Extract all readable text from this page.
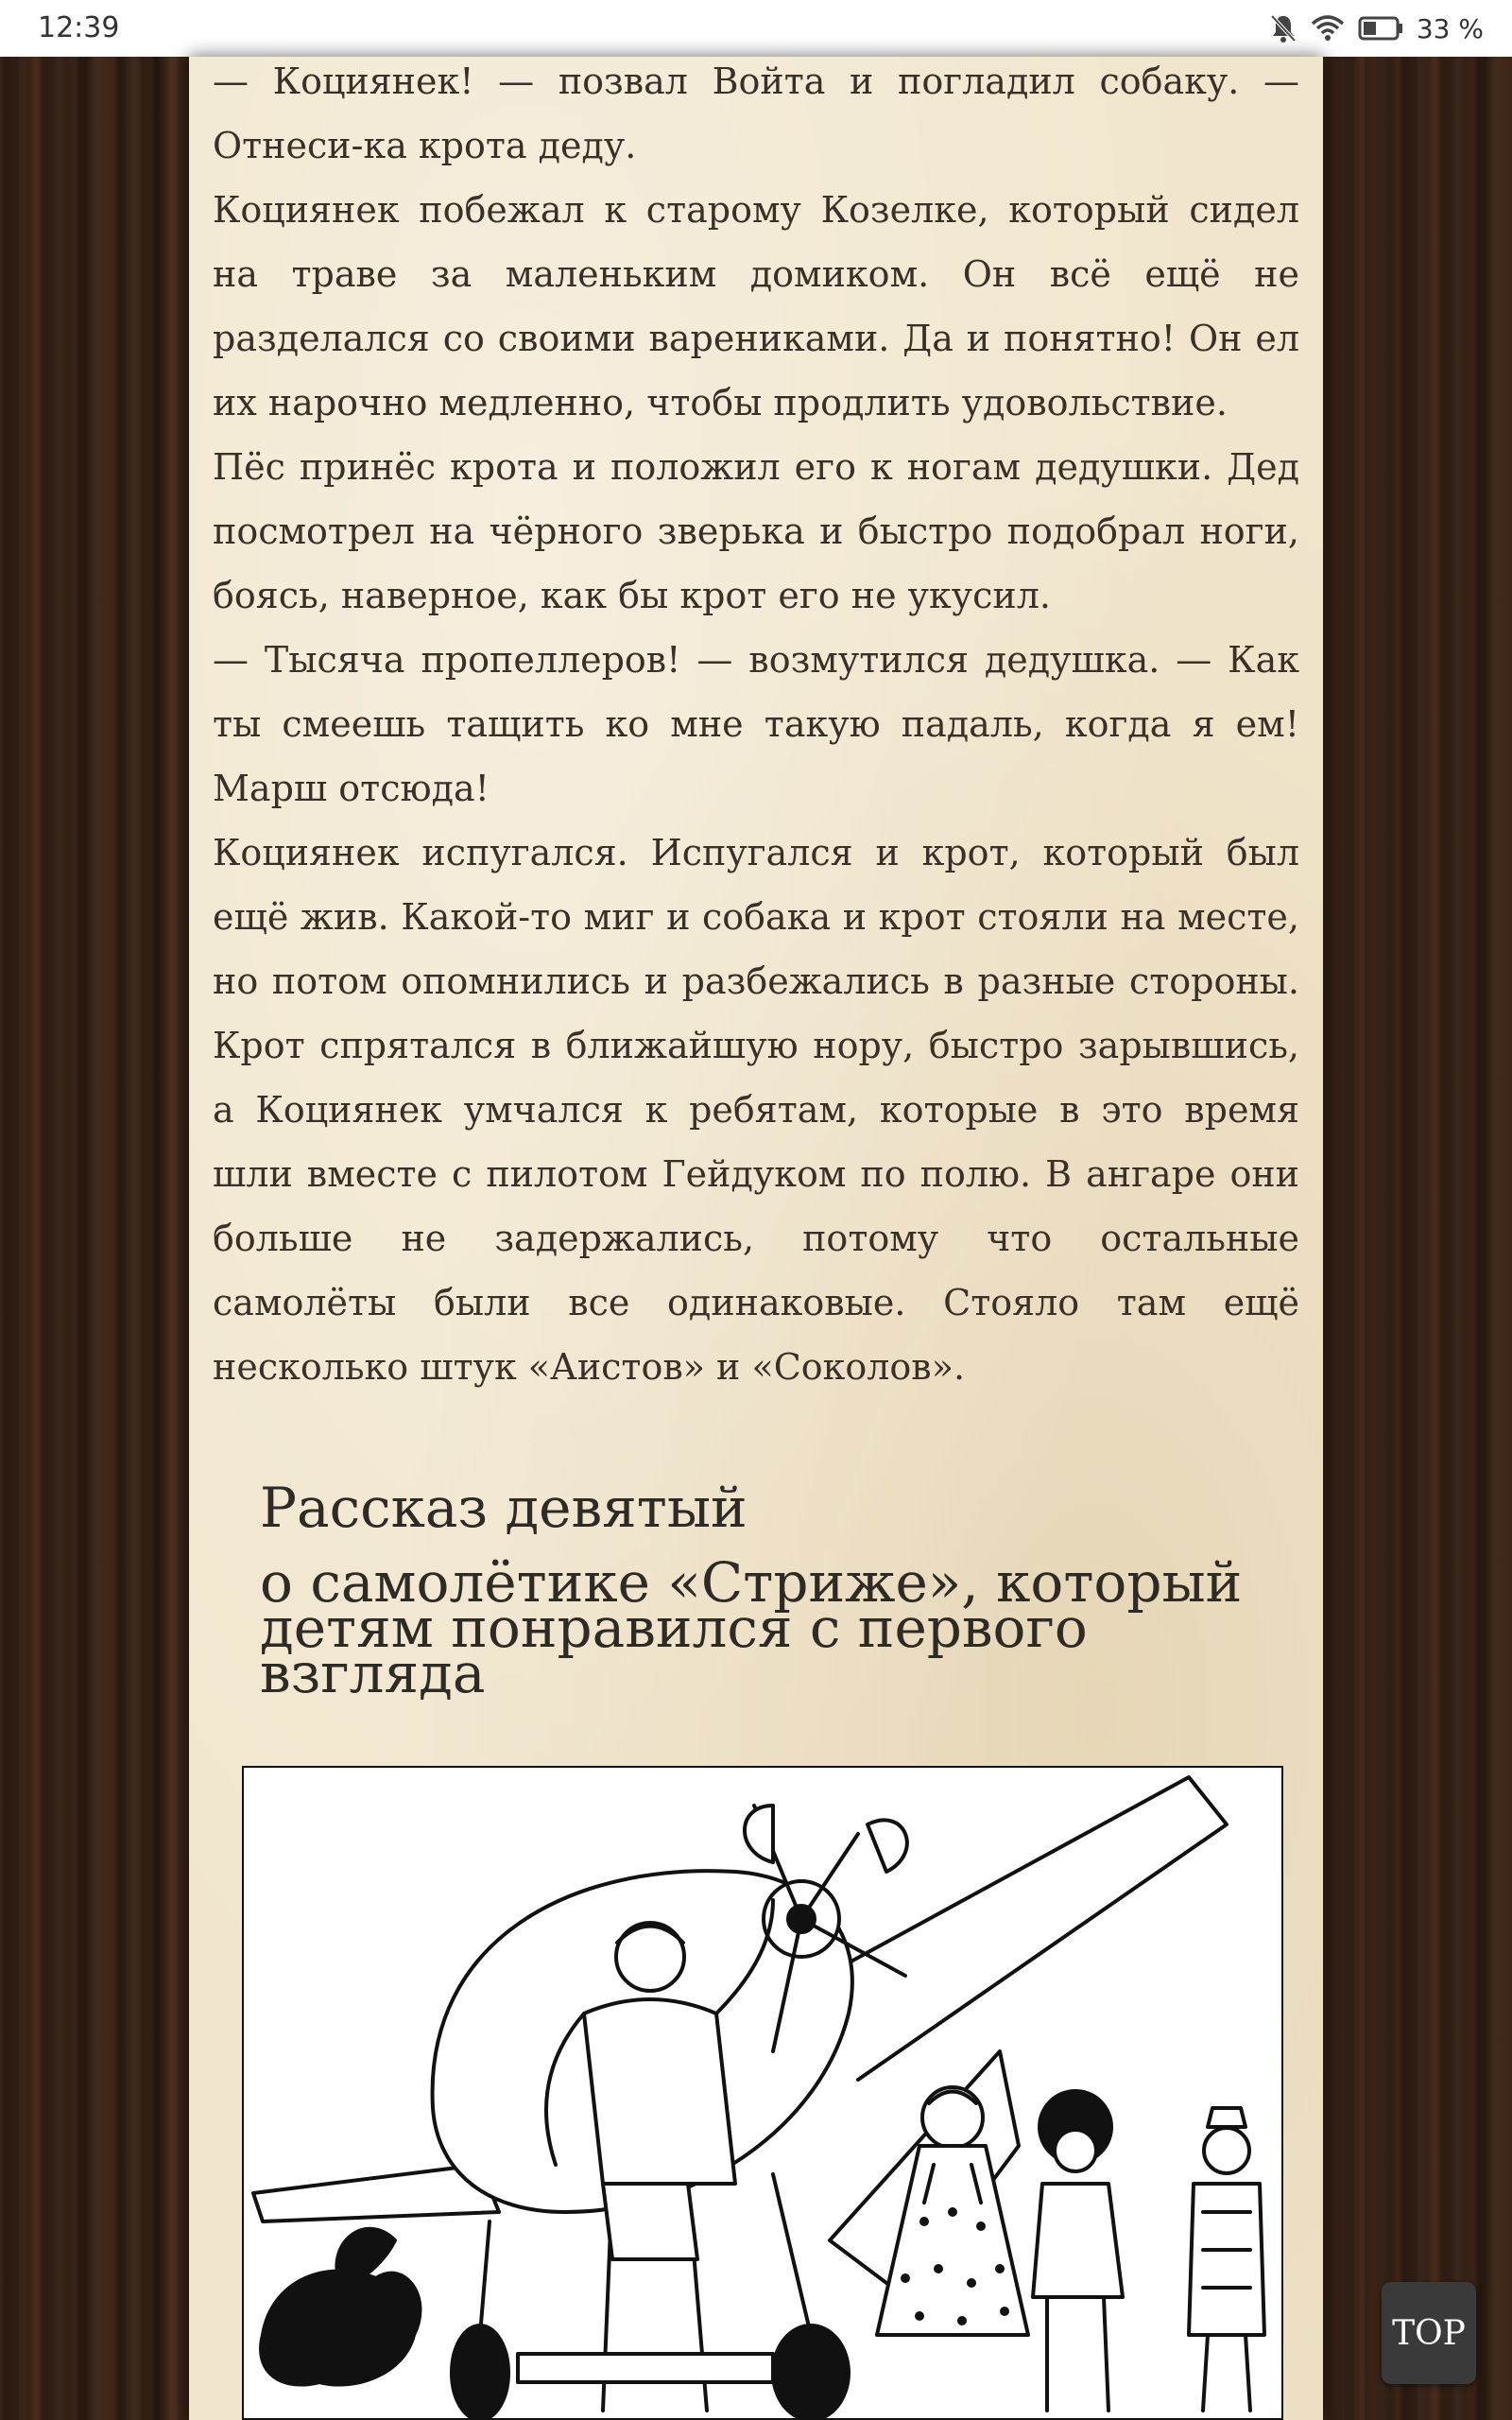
12:39	33 %

— Коциянек! — позвал Войта и погладил собаку. — Отнеси-ка крота деду.

Коциянек побежал к старому Козелке, который сидел на траве за маленьким домиком. Он всё ещё не разделался со своими варениками. Да и понятно! Он ел их нарочно медленно, чтобы продлить удовольствие.

Пёс принёс крота и положил его к ногам дедушки. Дед посмотрел на чёрного зверька и быстро подобрал ноги, боясь, наверное, как бы крот его не укусил.

— Тысяча пропеллеров! — возмутился дедушка. — Как ты смеешь тащить ко мне такую падаль, когда я ем! Марш отсюда!

Коциянек испугался. Испугался и крот, который был ещё жив. Какой-то миг и собака и крот стояли на месте, но потом опомнились и разбежались в разные стороны. Крот спрятался в ближайшую нору, быстро зарывшись, а Коциянек умчался к ребятам, которые в это время шли вместе с пилотом Гейдуком по полю. В ангаре они больше не задержались, потому что остальные самолёты были все одинаковые. Стояло там ещё несколько штук «Аистов» и «Соколов».

Рассказ девятый
о самолётике «Стриже», который детям понравился с первого взгляда
TOP
